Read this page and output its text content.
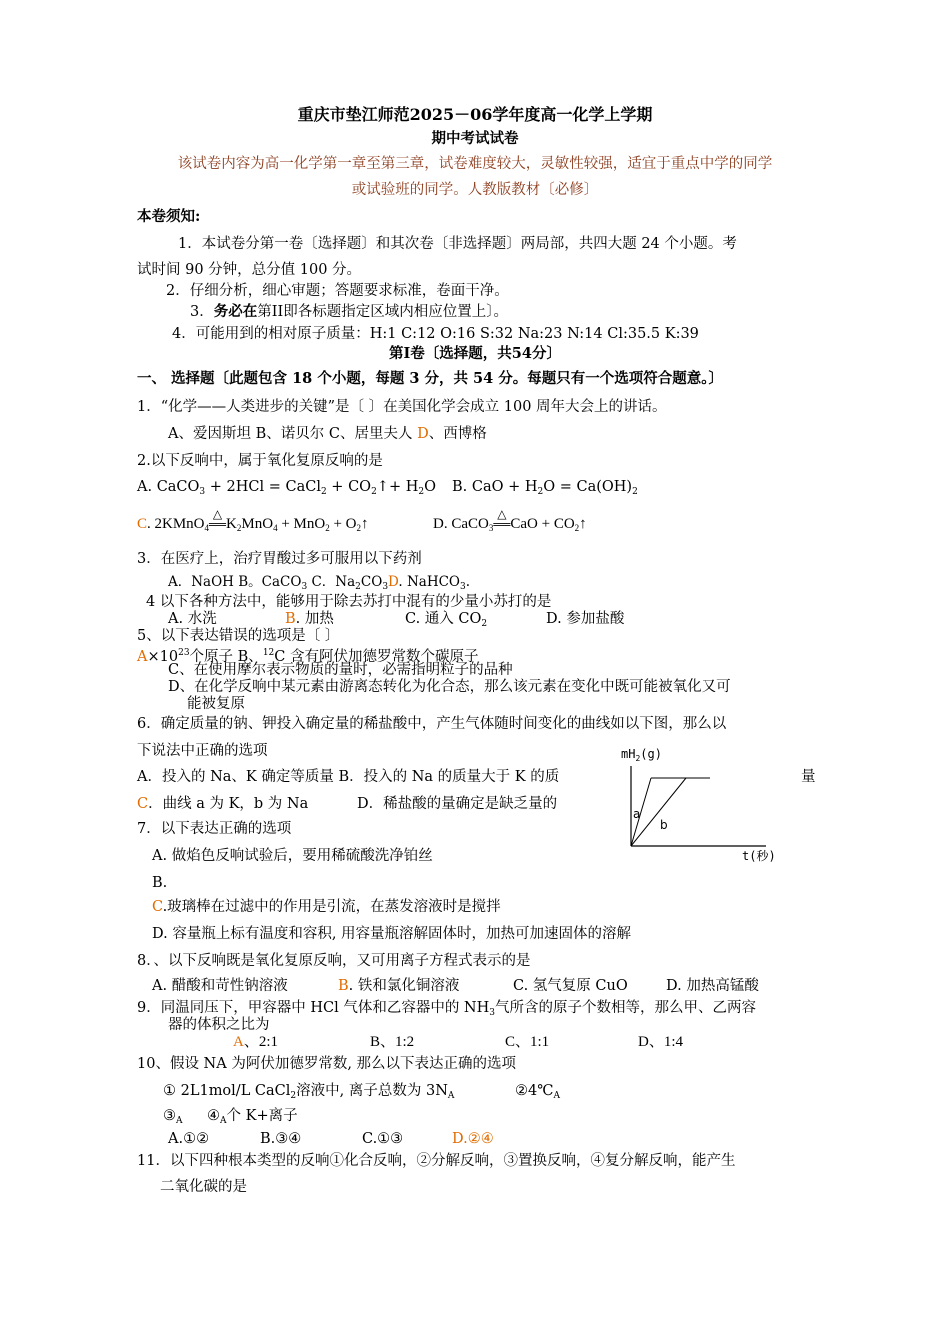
重庆市垫江师范2025－06学年度高一化学上学期
期中考试试卷
该试卷内容为高一化学第一章至第三章，试卷难度较大，灵敏性较强，适宜于重点中学的同学
或试验班的同学。人教版教材〔必修〕
本卷须知:
1．本试卷分第一卷〔选择题〕和其次卷〔非选择题〕两局部，共四大题 24 个小题。考
试时间 90 分钟，总分值 100 分。
2．仔细分析，细心审题；答题要求标准，卷面干净。
3．务必在第II即各标题指定区域内相应位置上〕。
4．可能用到的相对原子质量：H:1 C:12 O:16 S:32 Na:23 N:14 Cl:35.5 K:39
第Ⅰ卷〔选择题，共54分〕
一、 选择题〔此题包含 18 个小题，每题 3 分，共 54 分。每题只有一个选项符合题意。〕
1．“化学——人类进步的关键”是〔 〕在美国化学会成立 100 周年大会上的讲话。
A、爱因斯坦 B、诺贝尔 C、居里夫人 D、西博格
2.以下反响中，属于氧化复原反响的是
A. CaCO$_3$ + 2HCl = CaCl$_2$ + $CO_2↑+ H_2O$ B. CaO + $H_2O = Ca(OH)_2$
C. 2KMnO$_4$△
$══K_2MnO_4 + MnO_2$ + $O_2↑$	D. CaCO$_3$△
══CaO + $CO_2↑$
3．在医疗上，治疗胃酸过多可服用以下药剂
A．NaOH B。CaCO$_3$ C．$Na_2CO_3D$. NaHCO$_3$.
4 以下各种方法中，能够用于除去苏打中混有的少量小苏打的是
A. 水洗	B. 加热	C. 通入 $CO_2$	D. 参加盐酸
5、以下表达错误的选项是〔 〕
$A\times 10^{23}$个原子 B、$^{12}$C 含有阿伏加德罗常数个碳原子
C、在使用摩尔表示物质的量时，必需指明粒子的品种
D、在化学反响中某元素由游离态转化为化合态，那么该元素在变化中既可能被氧化又可
能被复原
6．确定质量的钠、钾投入确定量的稀盐酸中，产生气体随时间变化的曲线如以下图，那么以
下说法中正确的选项
A．投入的 Na、K 确定等质量 B．投入的 Na 的质量大于 K 的质	量
C．曲线 a 为 K，b 为 Na	D．稀盐酸的量确定是缺乏量的
$mH_2(g)$
t(秒)
a
b
7．以下表达正确的选项
A. 做焰色反响试验后，要用稀硫酸洗净铂丝
B.
C.玻璃棒在过滤中的作用是引流，在蒸发溶液时是搅拌
D. 容量瓶上标有温度和容积, 用容量瓶溶解固体时，加热可加速固体的溶解
8．、以下反响既是氧化复原反响，又可用离子方程式表示的是
A. 醋酸和苛性钠溶液	B. 铁和氯化铜溶液	C. 氢气复原 CuO	D. 加热高锰酸
9．同温同压下，甲容器中 HCl 气体和乙容器中的 $NH_3$气所含的原子个数相等，那么甲、乙两容
器的体积之比为
A、2:1	B、1:2	C、1:1	D、1:4
10、假设 NA 为阿伏加德罗常数, 那么以下表达正确的选项
① 2L1mol/L CaCl$_2$溶液中, 离子总数为 $3N_A$	$②4℃_A$
$③_A$ $④_A$个 K+离子
A.①②	B.③④	C.①③	D.②④
11．以下四种根本类型的反响①化合反响，②分解反响，③置换反响，④复分解反响，能产生
二氧化碳的是
